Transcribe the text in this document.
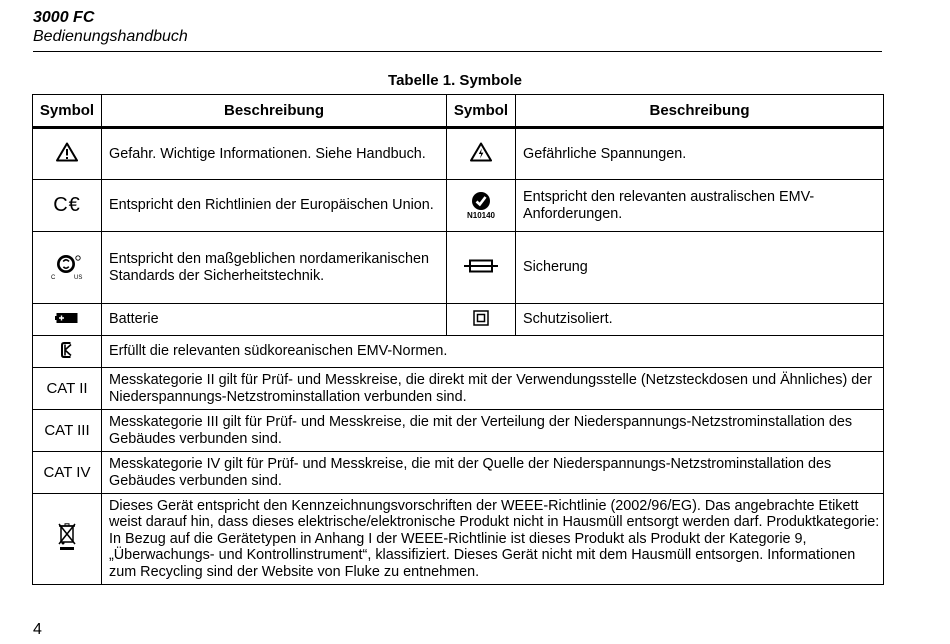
3000 FC
Bedienungshandbuch
Tabelle 1. Symbole
Symbol	Beschreibung	Symbol	Beschreibung
	Gefahr. Wichtige Informationen. Siehe Handbuch.		Gefährliche Spannungen.
C€	Entspricht den Richtlinien der Europäischen Union.	N10140	Entspricht den relevanten australischen EMV-Anforderungen.

C US	Entspricht den maßgeblichen nordamerikanischen Standards der Sicherheitstechnik.		Sicherung
	Batterie		Schutzisoliert.
	Erfüllt die relevanten südkoreanischen EMV-Normen.		
CAT II	Messkategorie II gilt für Prüf- und Messkreise, die direkt mit der Verwendungsstelle (Netzsteckdosen und Ähnliches) der Niederspannungs-Netzstrominstallation verbunden sind.		
CAT III	Messkategorie III gilt für Prüf- und Messkreise, die mit der Verteilung der Niederspannungs-Netzstrominstallation des Gebäudes verbunden sind.		
CAT IV	Messkategorie IV gilt für Prüf- und Messkreise, die mit der Quelle der Niederspannungs-Netzstrominstallation des Gebäudes verbunden sind.		
	Dieses Gerät entspricht den Kennzeichnungsvorschriften der WEEE-Richtlinie (2002/96/EG). Das angebrachte Etikett weist darauf hin, dass dieses elektrische/elektronische Produkt nicht in Hausmüll entsorgt werden darf. Produktkategorie: In Bezug auf die Gerätetypen in Anhang I der WEEE-Richtlinie ist dieses Produkt als Produkt der Kategorie 9, „Überwachungs- und Kontrollinstrument“, klassifiziert. Dieses Gerät nicht mit dem Hausmüll entsorgen. Informationen zum Recycling sind der Website von Fluke zu entnehmen.		
4
